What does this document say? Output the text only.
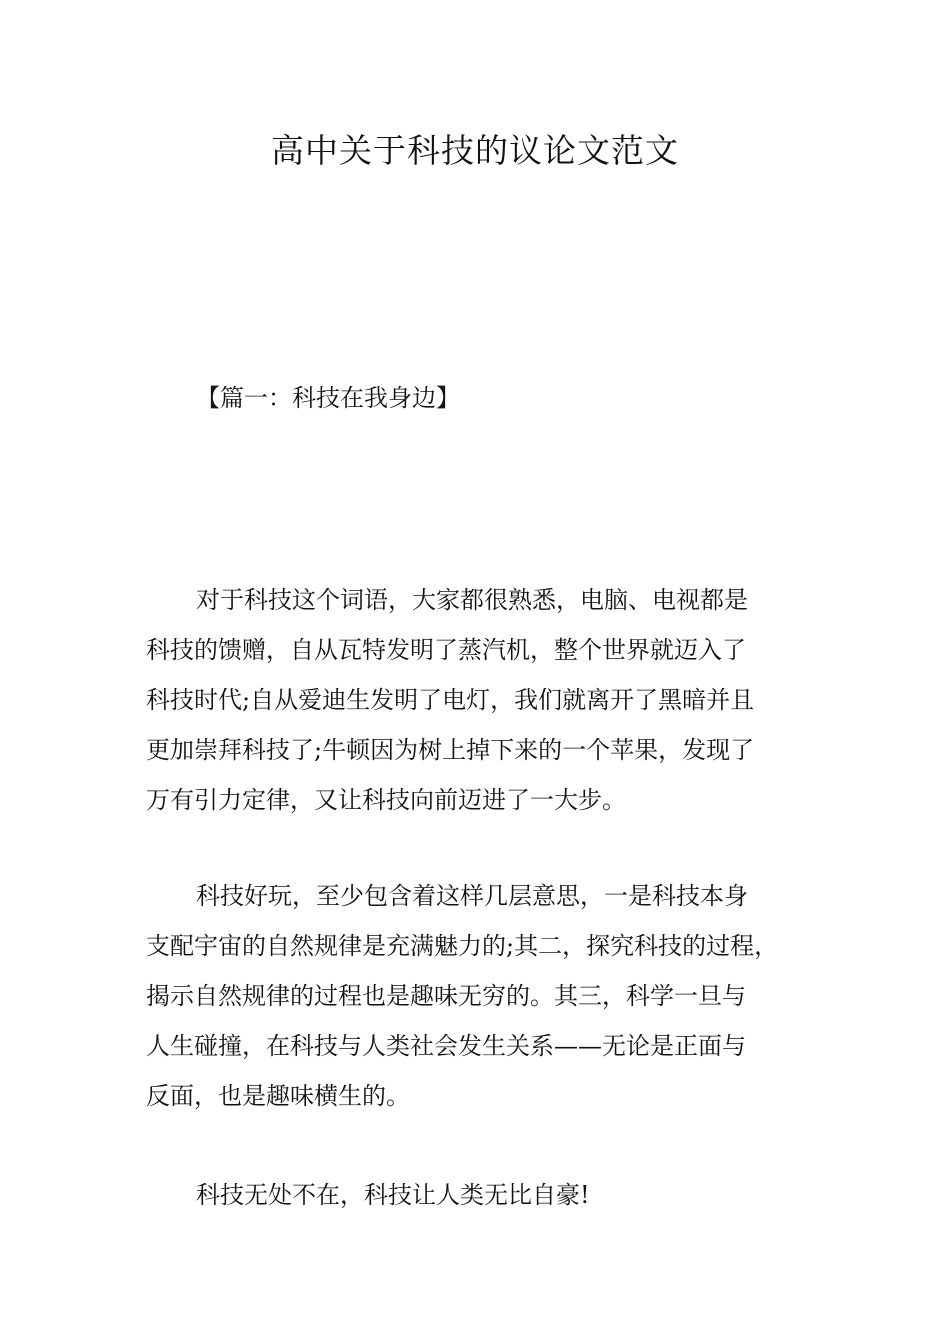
高中关于科技的议论文范文
【篇一：科技在我身边】
对于科技这个词语，大家都很熟悉，电脑、电视都是
科技的馈赠，自从瓦特发明了蒸汽机，整个世界就迈入了
科技时代;自从爱迪生发明了电灯，我们就离开了黑暗并且
更加崇拜科技了;牛顿因为树上掉下来的一个苹果，发现了
万有引力定律，又让科技向前迈进了一大步。
科技好玩，至少包含着这样几层意思，一是科技本身
支配宇宙的自然规律是充满魅力的;其二，探究科技的过程，
揭示自然规律的过程也是趣味无穷的。其三，科学一旦与
人生碰撞，在科技与人类社会发生关系——无论是正面与
反面，也是趣味横生的。
科技无处不在，科技让人类无比自豪!
